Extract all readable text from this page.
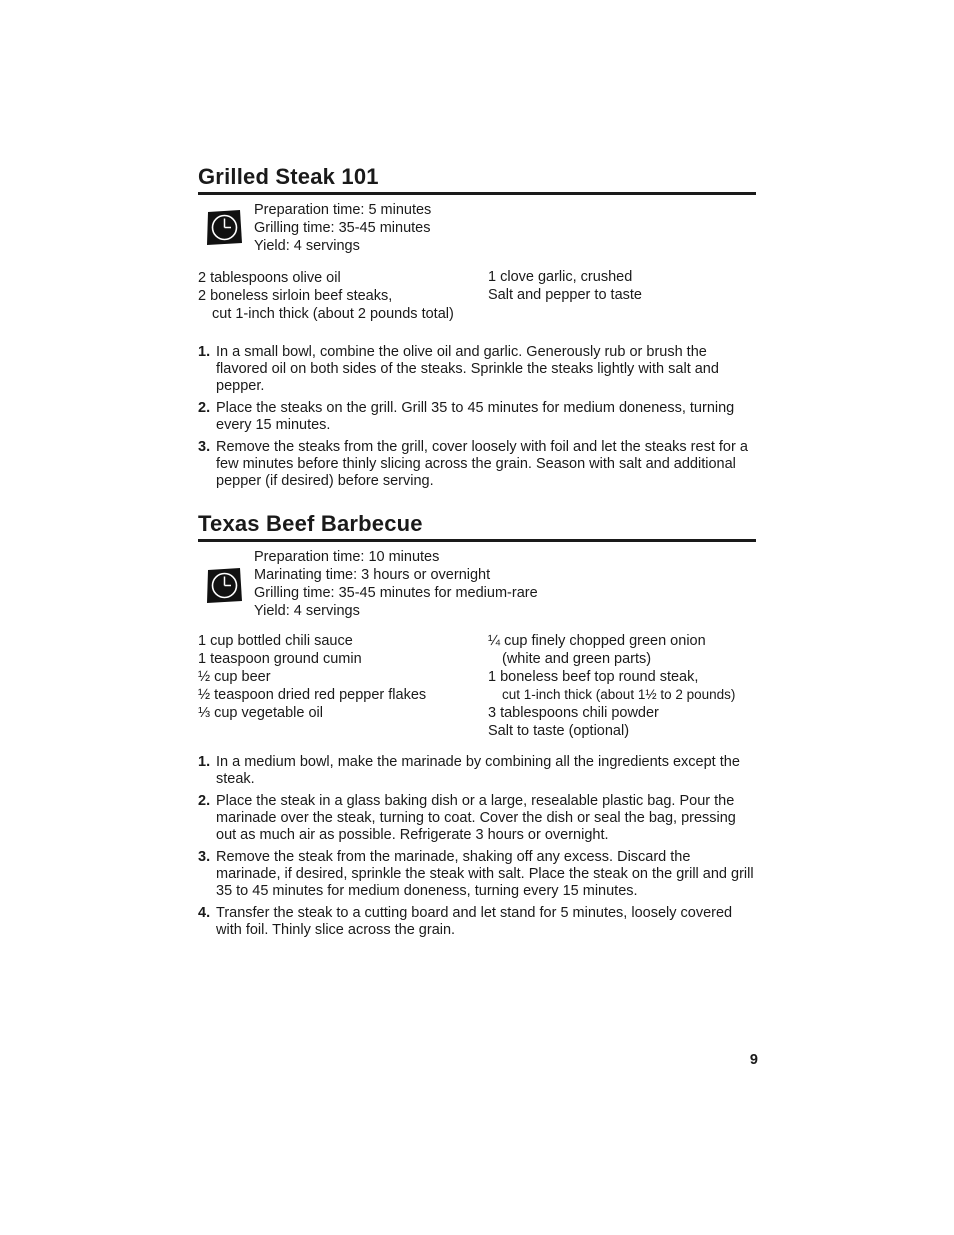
Grilled Steak 101
Preparation time: 5 minutes
Grilling time: 35-45 minutes
Yield: 4 servings
2 tablespoons olive oil
2 boneless sirloin beef steaks,
cut 1-inch thick (about 2 pounds total)
1 clove garlic, crushed
Salt and pepper to taste
1. In a small bowl, combine the olive oil and garlic. Generously rub or brush the flavored oil on both sides of the steaks. Sprinkle the steaks lightly with salt and pepper.
2. Place the steaks on the grill. Grill 35 to 45 minutes for medium doneness, turning every 15 minutes.
3. Remove the steaks from the grill, cover loosely with foil and let the steaks rest for a few minutes before thinly slicing across the grain. Season with salt and additional pepper (if desired) before serving.
Texas Beef Barbecue
Preparation time: 10 minutes
Marinating time: 3 hours or overnight
Grilling time: 35-45 minutes for medium-rare
Yield: 4 servings
1 cup bottled chili sauce
1 teaspoon ground cumin
½ cup beer
½ teaspoon dried red pepper flakes
⅓ cup vegetable oil
¼ cup finely chopped green onion
(white and green parts)
1 boneless beef top round steak,
cut 1-inch thick (about 1½ to 2 pounds)
3 tablespoons chili powder
Salt to taste (optional)
1. In a medium bowl, make the marinade by combining all the ingredients except the steak.
2. Place the steak in a glass baking dish or a large, resealable plastic bag. Pour the marinade over the steak, turning to coat. Cover the dish or seal the bag, pressing out as much air as possible. Refrigerate 3 hours or overnight.
3. Remove the steak from the marinade, shaking off any excess. Discard the marinade, if desired, sprinkle the steak with salt. Place the steak on the grill and grill 35 to 45 minutes for medium doneness, turning every 15 minutes.
4. Transfer the steak to a cutting board and let stand for 5 minutes, loosely covered with foil. Thinly slice across the grain.
9
